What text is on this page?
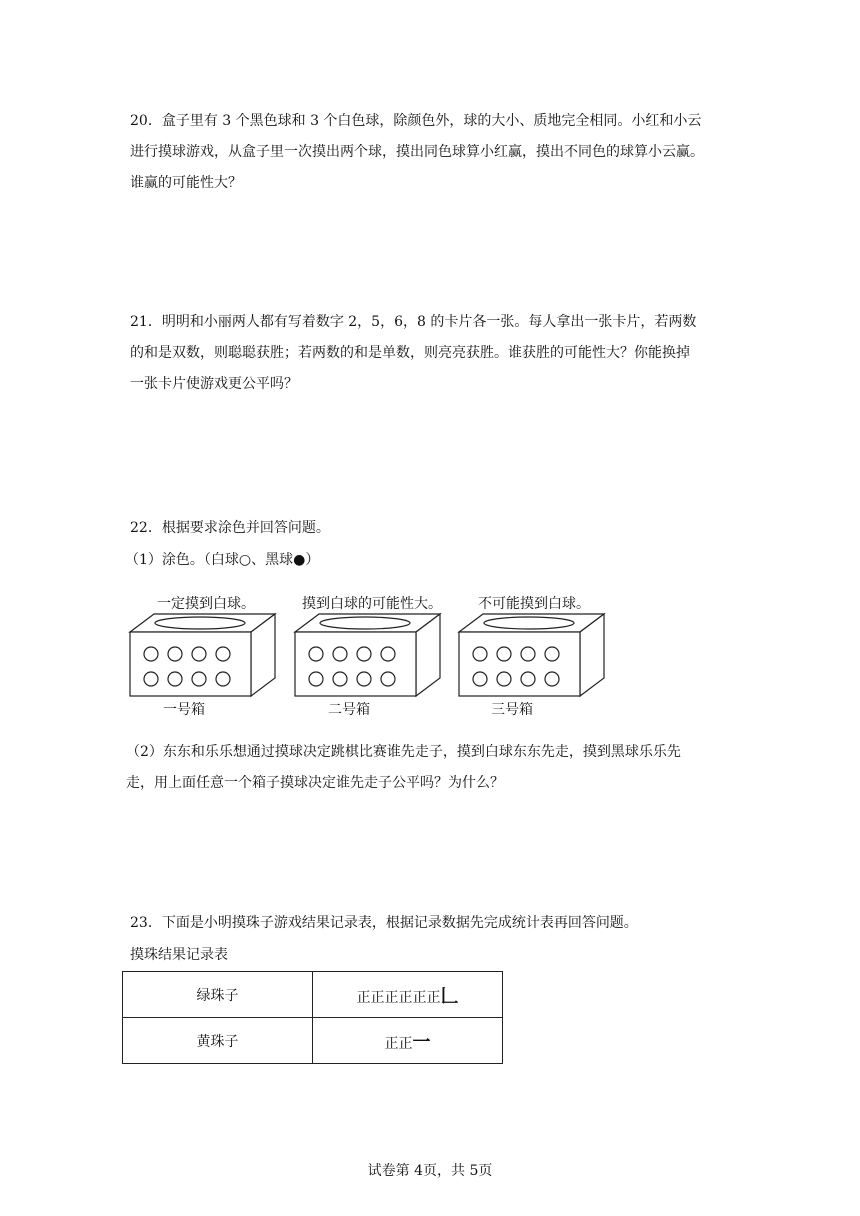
20．盒子里有 3 个黑色球和 3 个白色球，除颜色外，球的大小、质地完全相同。小红和小云
进行摸球游戏，从盒子里一次摸出两个球，摸出同色球算小红赢，摸出不同色的球算小云赢。
谁赢的可能性大？
21．明明和小丽两人都有写着数字 2，5，6，8 的卡片各一张。每人拿出一张卡片，若两数
的和是双数，则聪聪获胜；若两数的和是单数，则亮亮获胜。谁获胜的可能性大？你能换掉
一张卡片使游戏更公平吗？

22．根据要求涂色并回答问题。

（1）涂色。（白球○、黑球●）

一定摸到白球。
一号箱
摸到白球的可能性大。
二号箱
不可能摸到白球。
三号箱
（2）东东和乐乐想通过摸球决定跳棋比赛谁先走子，摸到白球东东先走，摸到黑球乐乐先
走，用上面任意一个箱子摸球决定谁先走子公平吗？为什么？

23．下面是小明摸珠子游戏结果记录表，根据记录数据先完成统计表再回答问题。

摸珠结果记录表

绿珠子	正正正正正正𠃊
黄珠子	正正一
试卷第 4页，共 5页
